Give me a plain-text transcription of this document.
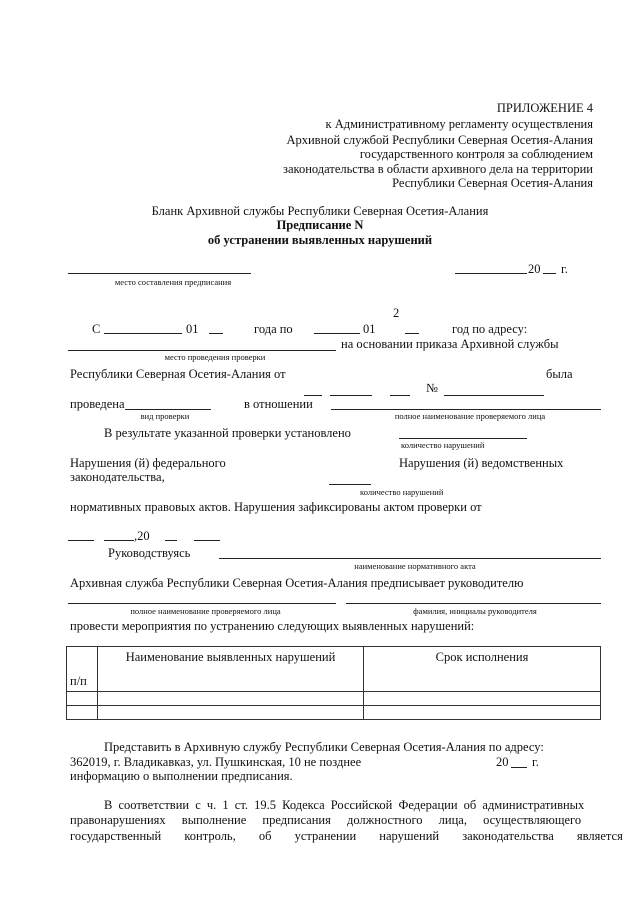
ПРИЛОЖЕНИЕ 4
к Административному регламенту осуществления
Архивной службой Республики Северная Осетия-Алания
государственного контроля за соблюдением
законодательства в области архивного дела на территории
Республики Северная Осетия-Алания
Бланк Архивной службы Республики Северная Осетия-Алания
Предписание N
об устранении выявленных нарушений
место составления предписания
20 г.
2
С	01	года по	01	год по адресу:
на основании приказа Архивной службы
место проведения проверки
Республики Северная Осетия-Алания от	была
№
проведена	в отношении
вид проверки	полное наименование проверяемого лица
В результате указанной проверки установлено
количество нарушений
Нарушения (й) федерального
законодательства,
Нарушения (й) ведомственных
количество нарушений
нормативных правовых актов. Нарушения зафиксированы актом проверки от
,20
Руководствуясь
наименование нормативного акта
Архивная служба Республики Северная Осетия-Алания предписывает руководителю
полное наименование проверяемого лица	фамилия, инициалы руководителя
провести мероприятия по устранению следующих выявленных нарушений:
п/п	Наименование выявленных нарушений	Срок исполнения

Представить в Архивную службу Республики Северная Осетия-Алания по адресу:
362019, г. Владикавказ, ул. Пушкинская, 10 не позднее	20 г.
информацию о выполнении предписания.
В соответствии с ч. 1 ст. 19.5 Кодекса Российской Федерации об административных
правонарушениях выполнение предписания должностного лица, осуществляющего
государственный контроль, об устранении нарушений законодательства является
